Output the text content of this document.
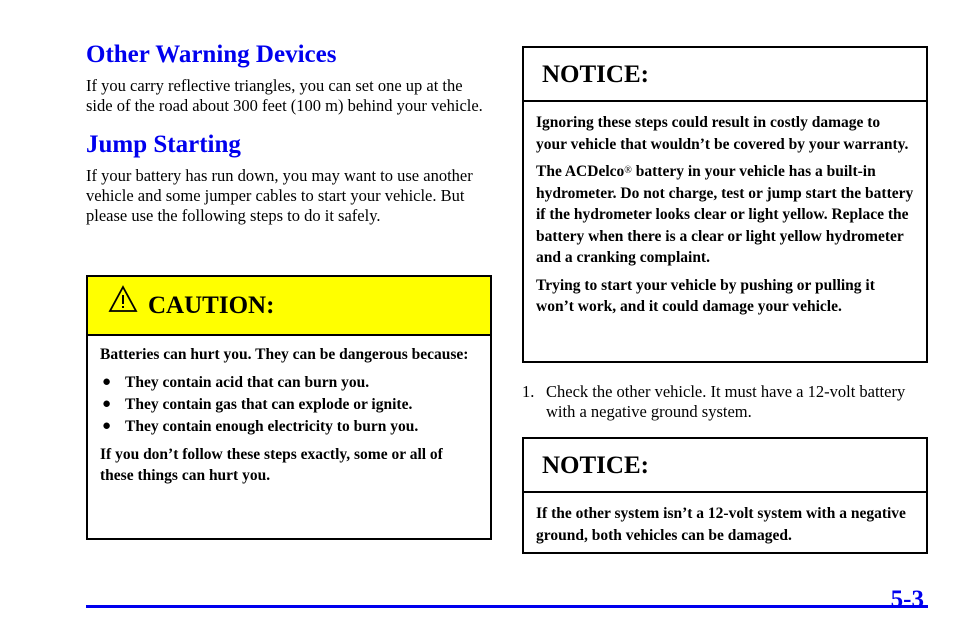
Other Warning Devices

If you carry reflective triangles, you can set one up at the side of the road about 300 feet (100 m) behind your vehicle.

Jump Starting

If your battery has run down, you may want to use another vehicle and some jumper cables to start your vehicle. But please use the following steps to do it safely.

CAUTION:

Batteries can hurt you. They can be dangerous because:

● They contain acid that can burn you.
● They contain gas that can explode or ignite.
● They contain enough electricity to burn you.

If you don’t follow these steps exactly, some or all of these things can hurt you.

NOTICE:

Ignoring these steps could result in costly damage to your vehicle that wouldn’t be covered by your warranty.

The ACDelco® battery in your vehicle has a built-in hydrometer. Do not charge, test or jump start the battery if the hydrometer looks clear or light yellow. Replace the battery when there is a clear or light yellow hydrometer and a cranking complaint.

Trying to start your vehicle by pushing or pulling it won’t work, and it could damage your vehicle.

1. Check the other vehicle. It must have a 12-volt battery with a negative ground system.
NOTICE:

If the other system isn’t a 12-volt system with a negative ground, both vehicles can be damaged.

5-3
